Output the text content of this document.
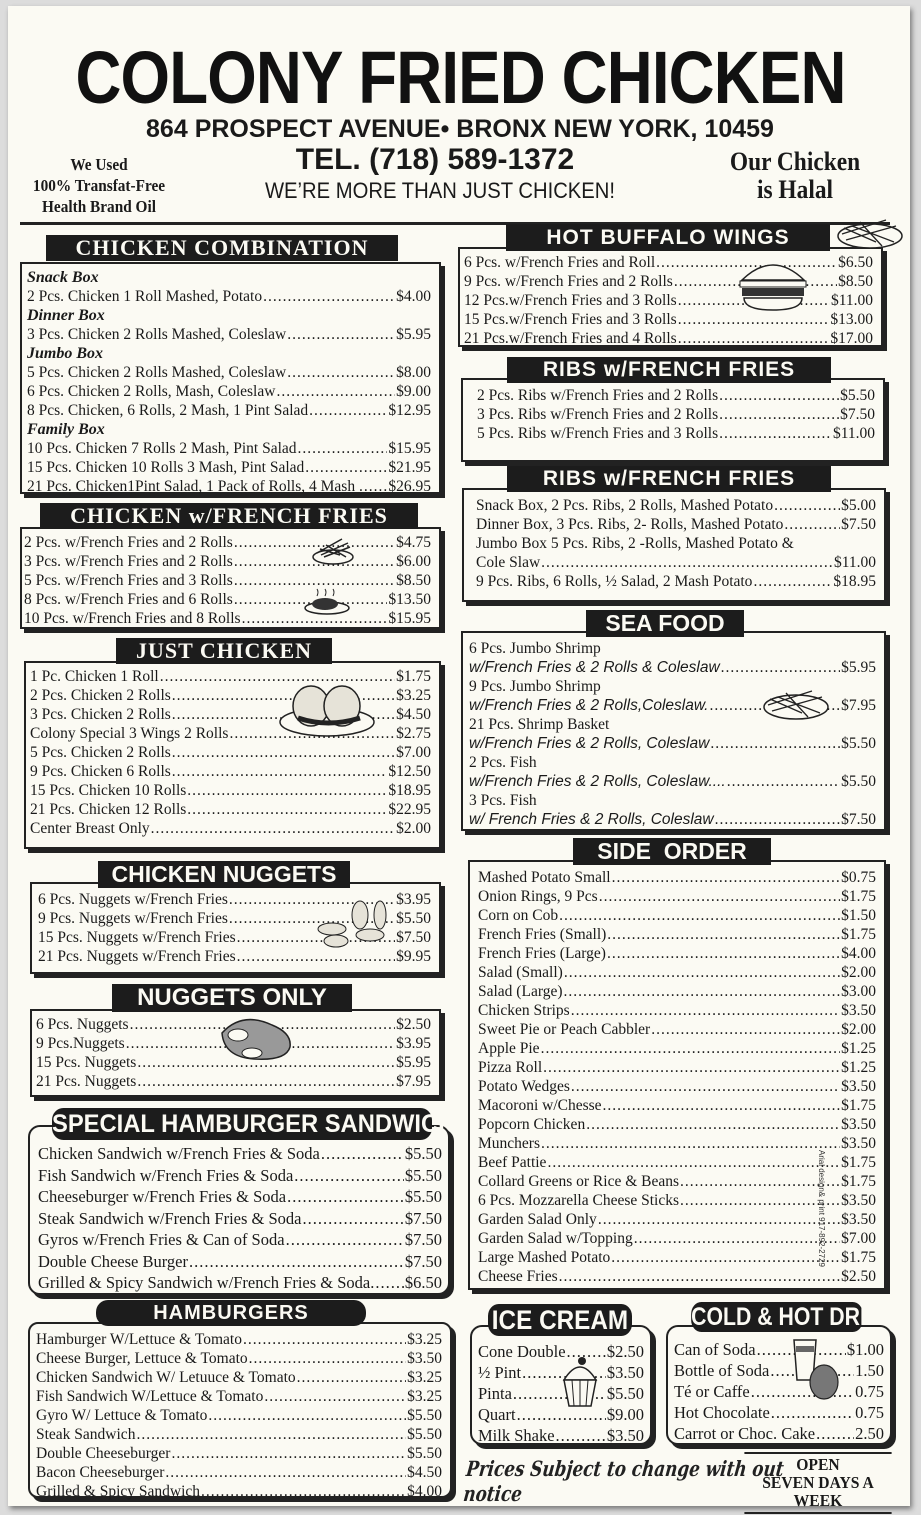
COLONY FRIED CHICKEN
864 PROSPECT AVENUE• BRONX NEW YORK, 10459
TEL. (718) 589-1372
WE’RE MORE THAN JUST CHICKEN!
We Used
100% Transfat-Free
Health Brand Oil
Our Chicken
is Halal
Snack Box
2 Pcs. Chicken 1 Roll Mashed, Potato .....	$4.00
Dinner Box
3 Pcs. Chicken 2 Rolls Mashed, Coleslaw .....	$5.95
Jumbo Box
5 Pcs. Chicken 2 Rolls Mashed, Coleslaw .....	$8.00
6 Pcs. Chicken 2 Rolls, Mash, Coleslaw .....	$9.00
8 Pcs. Chicken, 6 Rolls, 2 Mash, 1 Pint Salad .....	$12.95
Family Box
10 Pcs. Chicken 7 Rolls 2 Mash, Pint Salad .....	$15.95
15 Pcs. Chicken 10 Rolls 3 Mash, Pint Salad .....	$21.95
21 Pcs. Chicken1Pint Salad, 1 Pack of Rolls, 4 Mash . ..... $26.95
CHICKEN COMBINATION
2 Pcs. w/French Fries and 2 Rolls .....	$4.75
3 Pcs. w/French Fries and 2 Rolls .....	$6.00
5 Pcs. w/French Fries and 3 Rolls .....	$8.50
8 Pcs. w/French Fries and 6 Rolls .....	$13.50
10 Pcs. w/French Fries and 8 Rolls .....	$15.95
CHICKEN w/FRENCH FRIES
1 Pc. Chicken 1 Roll .....	$1.75
2 Pcs. Chicken 2 Rolls .....	$3.25
3 Pcs. Chicken 2 Rolls .....	$4.50
Colony Special 3 Wings 2 Rolls .....	$2.75
5 Pcs. Chicken 2 Rolls .....	$7.00
9 Pcs. Chicken 6 Rolls .....	$12.50
15 Pcs. Chicken 10 Rolls .....	$18.95
21 Pcs. Chicken 12 Rolls .....	$22.95
Center Breast Only .....	$2.00
JUST CHICKEN
6 Pcs. Nuggets w/French Fries .....	$3.95
9 Pcs. Nuggets w/French Fries .....	$5.50
15 Pcs. Nuggets w/French Fries .....	$7.50
21 Pcs. Nuggets w/French Fries .....	$9.95
CHICKEN NUGGETS
6 Pcs. Nuggets .....	$2.50
9 Pcs.Nuggets .....	$3.95
15 Pcs. Nuggets .....	$5.95
21 Pcs. Nuggets .....	$7.95
NUGGETS ONLY
Chicken Sandwich w/French Fries & Soda .....	$5.50
Fish Sandwich w/French Fries & Soda .....	$5.50
Cheeseburger w/French Fries & Soda .....	$5.50
Steak Sandwich w/French Fries & Soda .....	$7.50
Gyros w/French Fries & Can of Soda .....	$7.50
Double Cheese Burger .....	$7.50
Grilled & Spicy Sandwich w/French Fries & Soda. ..... $6.50
SPECIAL HAMBURGER SANDWICH
Hamburger W/Lettuce & Tomato .....	$3.25
Cheese Burger, Lettuce & Tomato .....	$3.50
Chicken Sandwich W/ Letuuce & Tomato .....	$3.25
Fish Sandwich W/Lettuce & Tomato .....	$3.25
Gyro W/ Lettuce & Tomato .....	$5.50
Steak Sandwich .....	$5.50
Double Cheeseburger .....	$5.50
Bacon Cheeseburger .....	$4.50
Grilled & Spicy Sandwich .....	$4.00
HAMBURGERS
6 Pcs. w/French Fries and Roll .....	$6.50
9 Pcs. w/French Fries and 2 Rolls .....	$8.50
12 Pcs.w/French Fries and 3 Rolls .....	$11.00
15 Pcs.w/French Fries and 3 Rolls .....	$13.00
21 Pcs.w/French Fries and 4 Rolls .....	$17.00
HOT BUFFALO WINGS
2 Pcs. Ribs w/French Fries and 2 Rolls .....	$5.50
3 Pcs. Ribs w/French Fries and 2 Rolls .....	$7.50
5 Pcs. Ribs w/French Fries and 3 Rolls .....	$11.00
RIBS w/FRENCH FRIES
Snack Box, 2 Pcs. Ribs, 2 Rolls, Mashed Potato .....	$5.00
Dinner Box, 3 Pcs. Ribs, 2- Rolls, Mashed Potato .....	$7.50
Jumbo Box 5 Pcs. Ribs, 2 -Rolls, Mashed Potato &
Cole Slaw .....	$11.00
9 Pcs. Ribs, 6 Rolls, ½ Salad, 2 Mash Potato .....	$18.95
RIBS w/FRENCH FRIES
6 Pcs. Jumbo Shrimp
w/French Fries & 2 Rolls & Coleslaw .....	$5.95
9 Pcs. Jumbo Shrimp
w/French Fries & 2 Rolls,Coleslaw. .....	$7.95
21 Pcs. Shrimp Basket
w/French Fries & 2 Rolls, Coleslaw .....	$5.50
2 Pcs. Fish
w/French Fries & 2 Rolls, Coleslaw.... .....	$5.50
3 Pcs. Fish
w/ French Fries & 2 Rolls, Coleslaw .....	$7.50
SEA FOOD
Mashed Potato Small .....	$0.75
Onion Rings, 9 Pcs .....	$1.75
Corn on Cob .....	$1.50
French Fries (Small) .....	$1.75
French Fries (Large) .....	$4.00
Salad (Small) .....	$2.00
Salad (Large) .....	$3.00
Chicken Strips .....	$3.50
Sweet Pie or Peach Cabbler .....	$2.00
Apple Pie .....	$1.25
Pizza Roll .....	$1.25
Potato Wedges .....	$3.50
Macoroni w/Chesse .....	$1.75
Popcorn Chicken .....	$3.50
Munchers .....	$3.50
Beef Pattie .....	$1.75
Collard Greens or Rice & Beans .....	$1.75
6 Pcs. Mozzarella Cheese Sticks .....	$3.50
Garden Salad Only .....	$3.50
Garden Salad w/Topping .....	$7.00
Large Mashed Potato .....	$1.75
Cheese Fries .....	$2.50
SIDE  ORDER
Arial design& print 917-892-2729
Cone Double .....	$2.50
½ Pint .....	$3.50
Pinta .....	$5.50
Quart .....	$9.00
Milk Shake .....	$3.50
ICE CREAM
Can of Soda .....	$1.00
Bottle of Soda .....	1.50
Té or Caffe .....	0.75
Hot Chocolate .....	0.75
Carrot or Choc. Cake ..... 2.50
COLD & HOT DRINKS
Prices Subject to change with out notice
OPEN
SEVEN DAYS A WEEK
